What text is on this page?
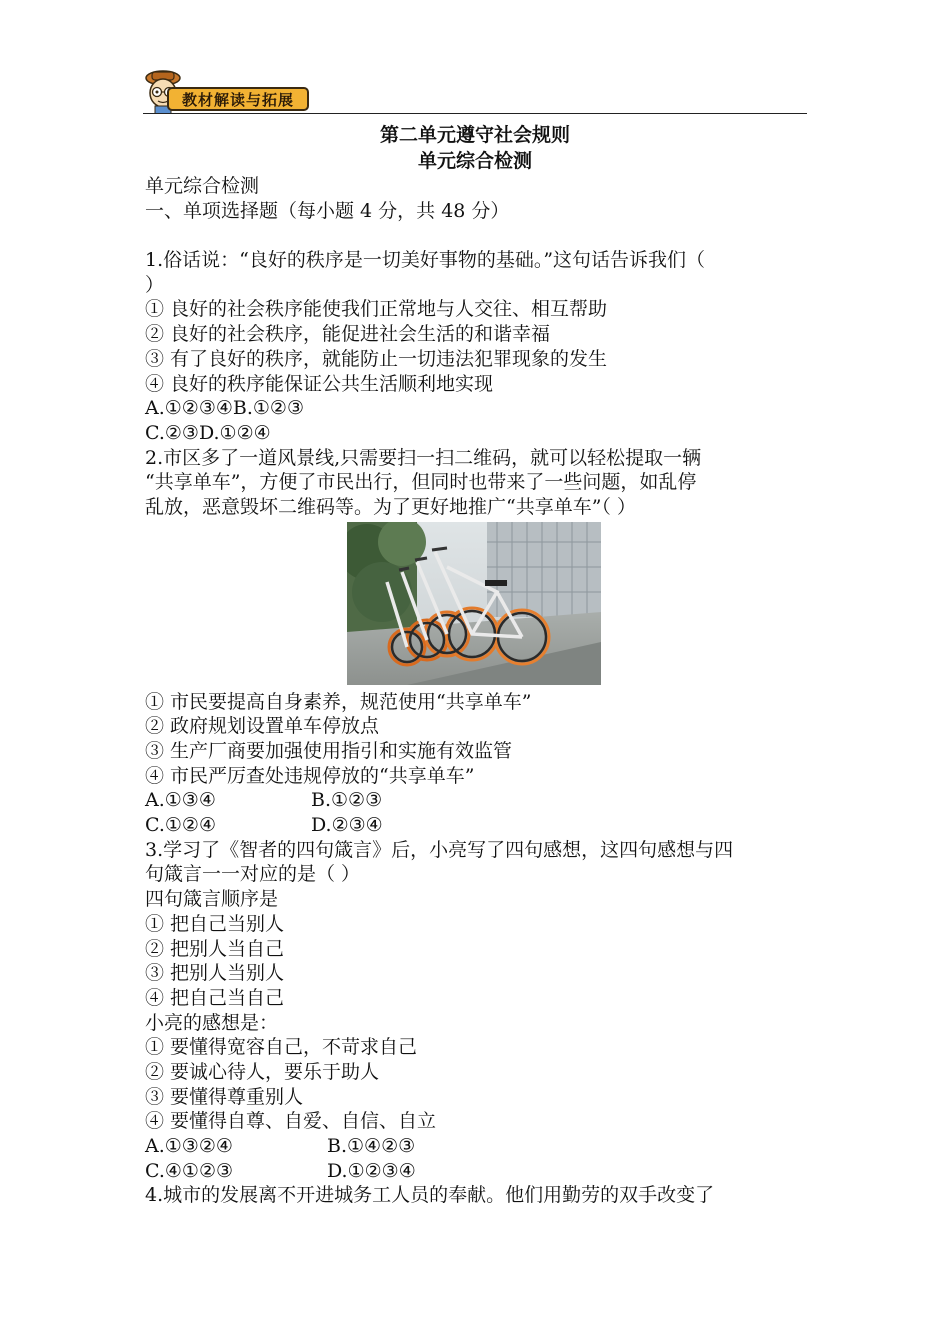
教材解读与拓展
第二单元遵守社会规则
单元综合检测
单元综合检测
一、单项选择题（每小题 4 分，共 48 分）
1.俗话说：“良好的秩序是一切美好事物的基础。”这句话告诉我们（
）
① 良好的社会秩序能使我们正常地与人交往、相互帮助
② 良好的社会秩序，能促进社会生活的和谐幸福
③ 有了良好的秩序，就能防止一切违法犯罪现象的发生
④ 良好的秩序能保证公共生活顺利地实现
A.①②③④B.①②③
C.②③D.①②④
2.市区多了一道风景线,只需要扫一扫二维码，就可以轻松提取一辆
“共享单车”，方便了市民出行，但同时也带来了一些问题，如乱停
乱放，恶意毁坏二维码等。为了更好地推广“共享单车”（ ）
① 市民要提高自身素养，规范使用“共享单车”
② 政府规划设置单车停放点
③ 生产厂商要加强使用指引和实施有效监管
④ 市民严厉查处违规停放的“共享单车”
A.①③④	B.①②③
C.①②④	D.②③④
3.学习了《智者的四句箴言》后，小亮写了四句感想，这四句感想与四
句箴言一一对应的是（ ）
四句箴言顺序是
① 把自己当别人
② 把别人当自己
③ 把别人当别人
④ 把自己当自己
小亮的感想是：
① 要懂得宽容自己，不苛求自己
② 要诚心待人，要乐于助人
③ 要懂得尊重别人
④ 要懂得自尊、自爱、自信、自立
A.①③②④	B.①④②③
C.④①②③	D.①②③④
4.城市的发展离不开进城务工人员的奉献。他们用勤劳的双手改变了
